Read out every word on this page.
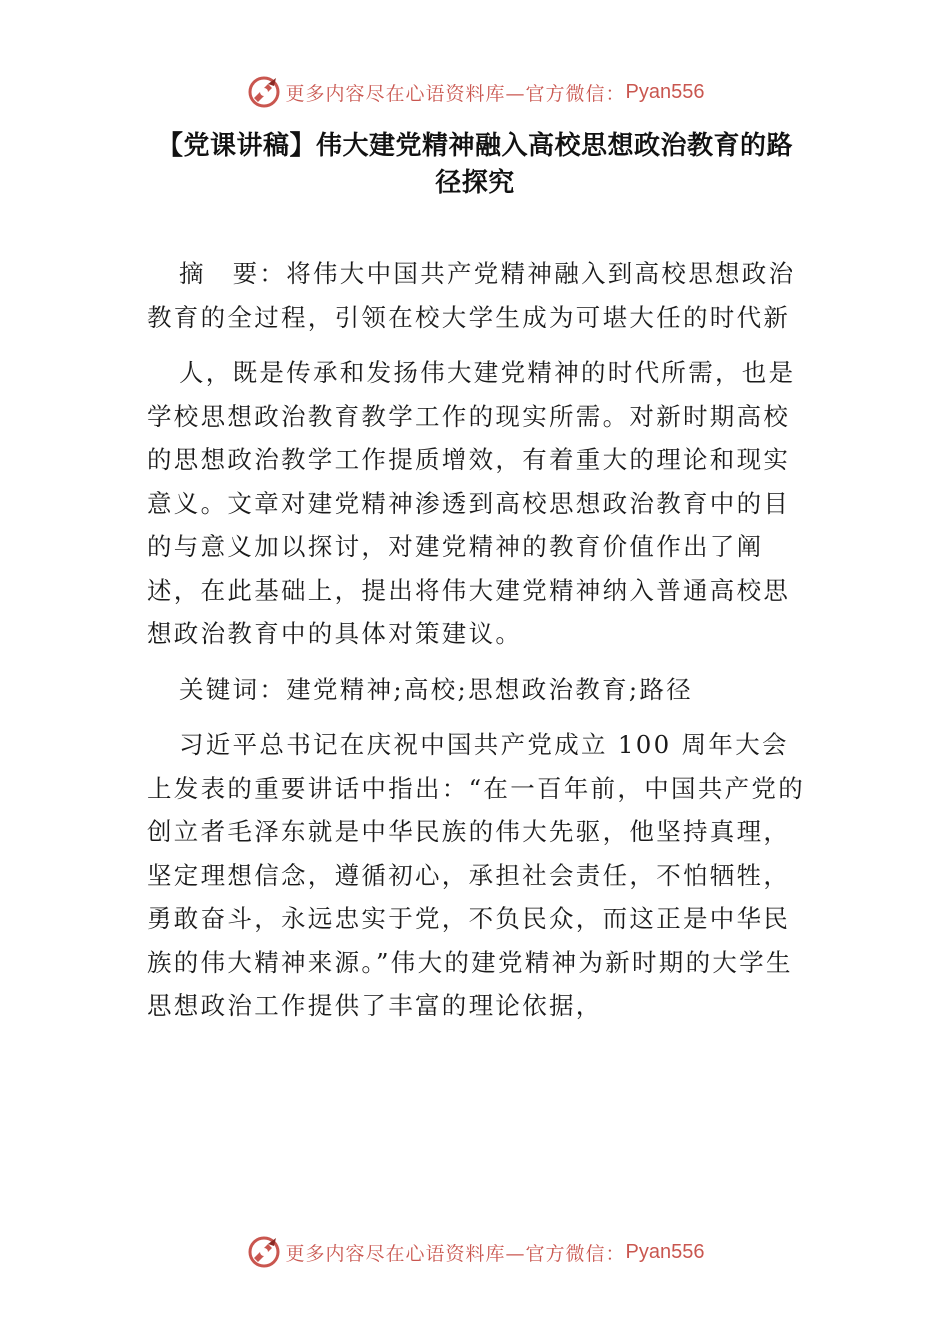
更多内容尽在心语资料库—官方微信： Pyan556
【党课讲稿】伟大建党精神融入高校思想政治教育的路径探究

摘　要：将伟大中国共产党精神融入到高校思想政治教育的全过程，引领在校大学生成为可堪大任的时代新

人，既是传承和发扬伟大建党精神的时代所需，也是学校思想政治教育教学工作的现实所需。对新时期高校的思想政治教学工作提质增效，有着重大的理论和现实意义。文章对建党精神渗透到高校思想政治教育中的目的与意义加以探讨，对建党精神的教育价值作出了阐述，在此基础上，提出将伟大建党精神纳入普通高校思想政治教育中的具体对策建议。

关键词：建党精神;高校;思想政治教育;路径

习近平总书记在庆祝中国共产党成立 100 周年大会上发表的重要讲话中指出：“在一百年前，中国共产党的创立者毛泽东就是中华民族的伟大先驱，他坚持真理，坚定理想信念，遵循初心，承担社会责任，不怕牺牲，勇敢奋斗，永远忠实于党，不负民众，而这正是中华民族的伟大精神来源。”伟大的建党精神为新时期的大学生思想政治工作提供了丰富的理论依据，

更多内容尽在心语资料库—官方微信： Pyan556
